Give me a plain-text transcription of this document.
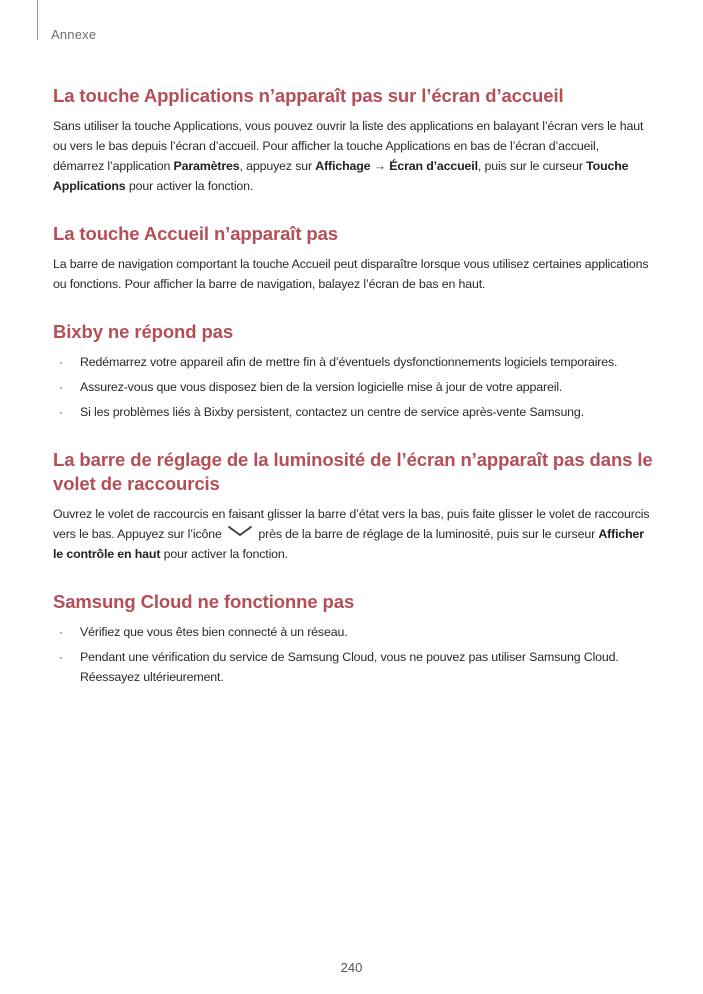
Annexe
La touche Applications n’apparaît pas sur l’écran d’accueil

Sans utiliser la touche Applications, vous pouvez ouvrir la liste des applications en balayant l’écran vers le haut ou vers le bas depuis l’écran d’accueil. Pour afficher la touche Applications en bas de l’écran d’accueil, démarrez l’application Paramètres, appuyez sur Affichage → Écran d’accueil, puis sur le curseur Touche Applications pour activer la fonction.

La touche Accueil n’apparaît pas

La barre de navigation comportant la touche Accueil peut disparaître lorsque vous utilisez certaines applications ou fonctions. Pour afficher la barre de navigation, balayez l’écran de bas en haut.

Bixby ne répond pas
· Redémarrez votre appareil afin de mettre fin à d’éventuels dysfonctionnements logiciels temporaires.
· Assurez-vous que vous disposez bien de la version logicielle mise à jour de votre appareil.
· Si les problèmes liés à Bixby persistent, contactez un centre de service après-vente Samsung.
La barre de réglage de la luminosité de l’écran n’apparaît pas dans le volet de raccourcis

Ouvrez le volet de raccourcis en faisant glisser la barre d’état vers la bas, puis faite glisser le volet de raccourcis vers le bas. Appuyez sur l’icône  près de la barre de réglage de la luminosité, puis sur le curseur Afficher le contrôle en haut pour activer la fonction.

Samsung Cloud ne fonctionne pas
· Vérifiez que vous êtes bien connecté à un réseau.
· Pendant une vérification du service de Samsung Cloud, vous ne pouvez pas utiliser Samsung Cloud. Réessayez ultérieurement.
240
